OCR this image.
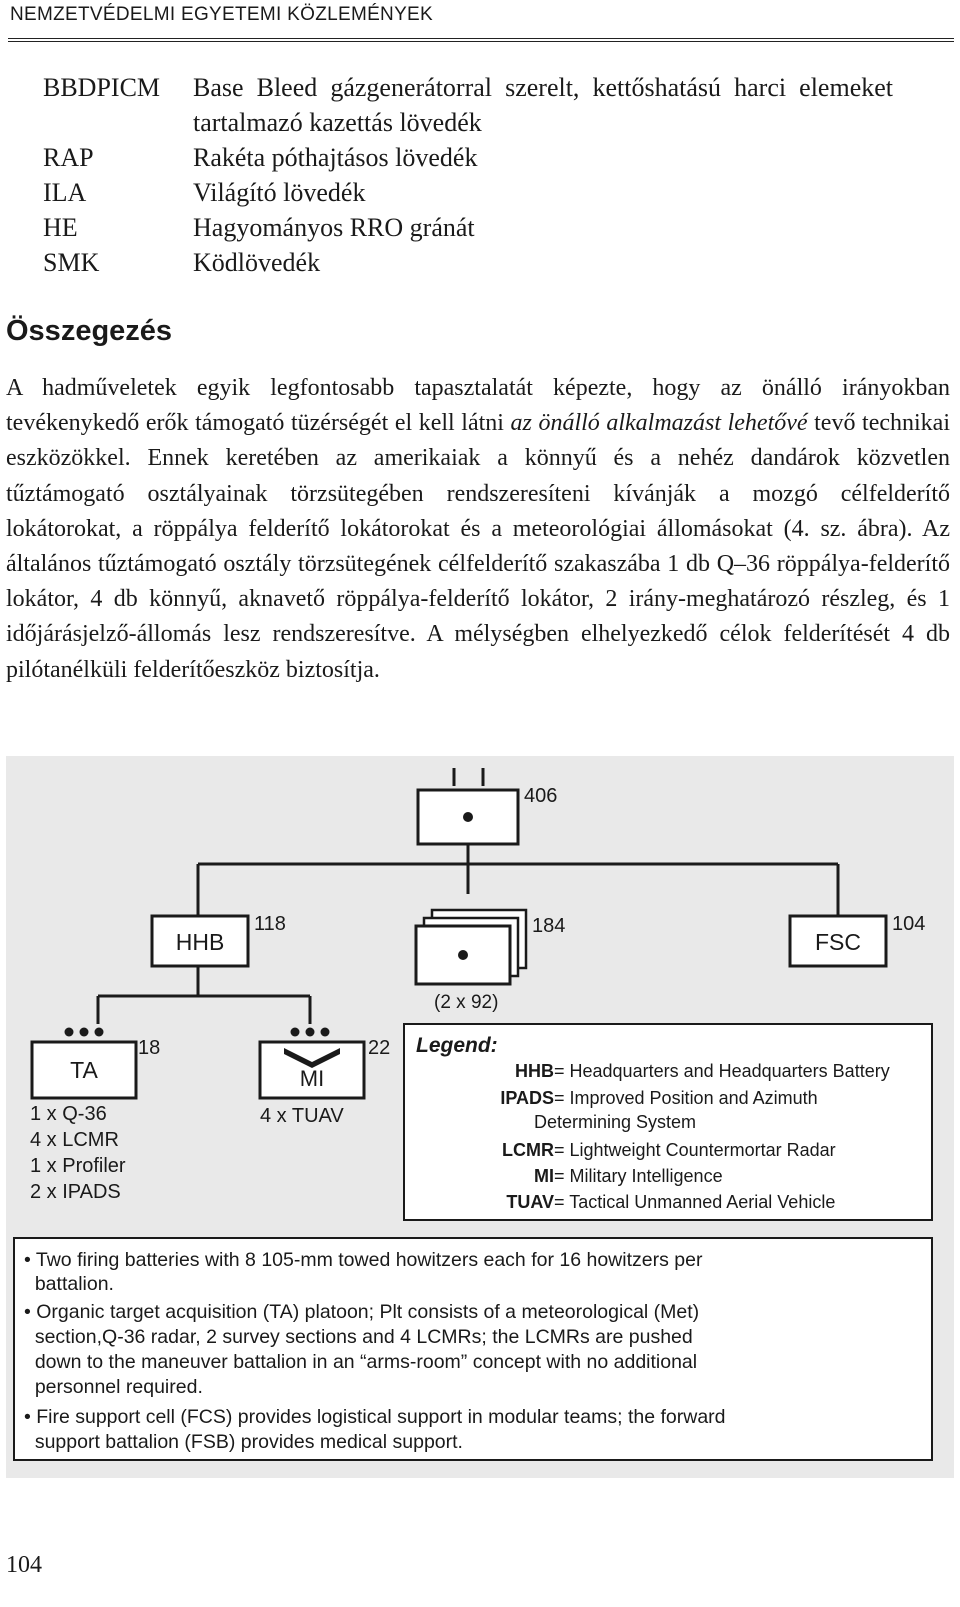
NEMZETVÉDELMI EGYETEMI KÖZLEMÉNYEK
BBDPICM	Base Bleed gázgenerátorral szerelt, kettőshatású harci elemeket tartalmazó kazettás lövedék
RAP	Rakéta póthajtásos lövedék
ILA	Világító lövedék
HE	Hagyományos RRO gránát
SMK	Ködlövedék
Összegezés
A hadműveletek egyik legfontosabb tapasztalatát képezte, hogy az önálló irányokban tevékenykedő erők támogató tüzérségét el kell látni az önálló alkalmazást lehetővé tevő technikai eszközökkel. Ennek keretében az amerikaiak a könnyű és a nehéz dandárok közvetlen tűztámogató osztályainak törzsütegében rendszeresíteni kívánják a mozgó célfelderítő lokátorokat, a röppálya felderítő lokátorokat és a meteorológiai állomásokat (4. sz. ábra). Az általános tűztámogató osztály törzsütegének célfelderítő szakaszába 1 db Q–36 röppálya-felderítő lokátor, 4 db könnyű, aknavető röppálya-felderítő lokátor, 2 irány-meghatározó részleg, és 1 időjárásjelző-állomás lesz rendszeresítve. A mélységben elhelyezkedő célok felderítését 4 db pilótanélküli felderítőeszköz biztosítja.
406
HHB
118	184
(2 x 92)
FSC
104
TA
18
1 x Q-36
4 x LCMR
1 x Profiler
2 x IPADS
MI
22
4 x TUAV
Legend:
HHB = Headquarters and Headquarters Battery
IPADS = Improved Position and Azimuth
Determining System
LCMR = Lightweight Countermortar Radar
MI = Military Intelligence
TUAV = Tactical Unmanned Aerial Vehicle
• Two firing batteries with 8 105-mm towed howitzers each for 16 howitzers per
battalion.
• Organic target acquisition (TA) platoon; Plt consists of a meteorological (Met)
section,Q-36 radar, 2 survey sections and 4 LCMRs; the LCMRs are pushed
down to the maneuver battalion in an “arms-room” concept with no additional
personnel required.
• Fire support cell (FCS) provides logistical support in modular teams; the forward
support battalion (FSB) provides medical support.
104
